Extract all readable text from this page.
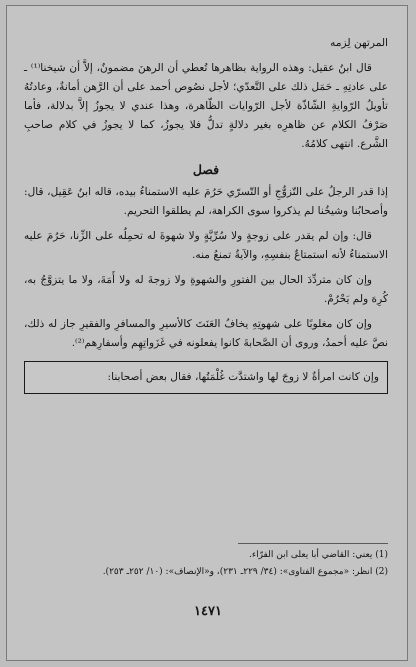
المرتهن لِزمه

قال ابنُ عقيل: وهذه الرواية بظاهرها تُعطي أن الرهنَ مضمونٌ، إلاَّ أن شيخنا⁽¹⁾ ـ على عادتِهِ ـ حَمَل ذلك على التَّعدّي؛ لأجل نصُوص أحمد على أن الرَّهن أمانةٌ، وعادتُهُ تأويلُ الرّوايةِ الشّاذّة لأجل الرّوايات الظّاهرة، وهذا عندي لا يجوزُ إلاَّ بدلالة، فأما صَرْفُ الكلام عن ظاهرِه بغير دلالةٍ تدلُّ فلا يجوزُ، كما لا يجوزُ في كلام صاحبِ الشَّرع. انتهى كلامُهُ.

فصل

إذا قدر الرجلُ على التّزوُّجِ أو التّسرّي حَرُمَ عليه الاستمناءُ بيده، قاله ابنُ عَقِيل، قال: وأصحابُنا وشيخُنا لم يذكروا سوى الكراهة، لم يطلقوا التحريم.

قال: وإن لم يقدر على زوجةٍ ولا سُرِّيَّةٍ ولا شهوةَ له تحمِلُه على الزِّنا، حَرُمَ عليه الاستمناءُ لأنه استمتاعٌ بنفسِهِ، والآيةُ تمنعُ منه.

وإن كان متردِّدَ الحال بين الفتورِ والشهوةِ ولا زوجةَ له ولا أَمَةَ، ولا ما يتزوَّجُ به، كُرِهَ ولم يَحْرُمْ.

وإن كان مغلوبًا على شهوتِهِ يخافُ العَنَتَ كالأسيرِ والمسافرِ والفقيرِ جاز له ذلك، نصَّ عليه أحمدُ، وروى أن الصَّحابةَ كانوا يفعلونه في غَزَواتِهِم وأسفارِهم⁽²⁾.

وإن كانت امرأةٌ لا زوجَ لها واشتدَّت غُلْمَتُها، فقال بعض أصحابنا:
(1) يعني: القاضي أبا يعلى ابن الفرّاء.
(2) انظر: «مجموع الفتاوى»: (٣٤/ ٢٢٩ـ ٢٣١)، و«الإنصاف»: (١٠/ ٢٥٢ـ ٢٥٣).
١٤٧١
